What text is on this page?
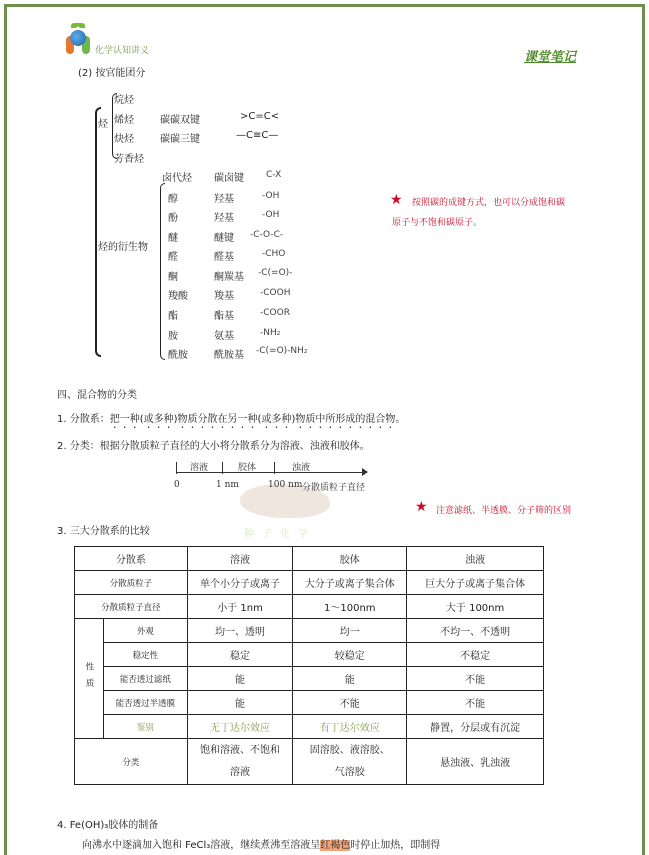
化学认知讲义	课堂笔记
(2) 按官能团分
烃
烷烃
烯烃	碳碳双键	>C=C<
炔烃	碳碳三键	—C≡C—
芳香烃
烃的衍生物
卤代烃 碳卤键 C-X
醇	羟基	-OH
酚	羟基	-OH
醚	醚键 -C-O-C-
醛	醛基	-CHO
酮	酮羰基 -C(=O)-
羧酸	羧基	-COOH
酯	酯基	-COOR
胺	氨基	-NH₂
酰胺	酰胺基 -C(=O)-NH₂
★ 按照碳的成键方式，也可以分成饱和碳
原子与不饱和碳原子。
四、混合物的分类
1. 分散系：把一种(或多种)物质分散在另一种(或多种)物质中所形成的混合物。
2. 分类：根据分散质粒子直径的大小将分散系分为溶液、浊液和胶体。
种子化学
溶液	胶体	浊液
0	1 nm	100 nm 分散质粒子直径
★ 注意滤纸、半透膜、分子筛的区别
3. 三大分散系的比较
分散系		溶液	胶体	浊液
分散质粒子		单个小分子或离子	大分子或离子集合体	巨大分子或离子集合体
分散质粒子直径		小于 1nm	1～100nm	大于 100nm
性质	外观	均一、透明	均一	不均一、不透明
	稳定性	稳定	较稳定	不稳定
	能否透过滤纸	能	能	不能
	能否透过半透膜	能	不能	不能
	鉴别	无丁达尔效应	有丁达尔效应	静置，分层或有沉淀
分类		饱和溶液、不饱和溶液	固溶胶、液溶胶、气溶胶	悬浊液、乳浊液
4. Fe(OH)₃胶体的制备
向沸水中逐滴加入饱和 FeCl₃溶液，继续煮沸至溶液呈红褐色时停止加热，即制得
